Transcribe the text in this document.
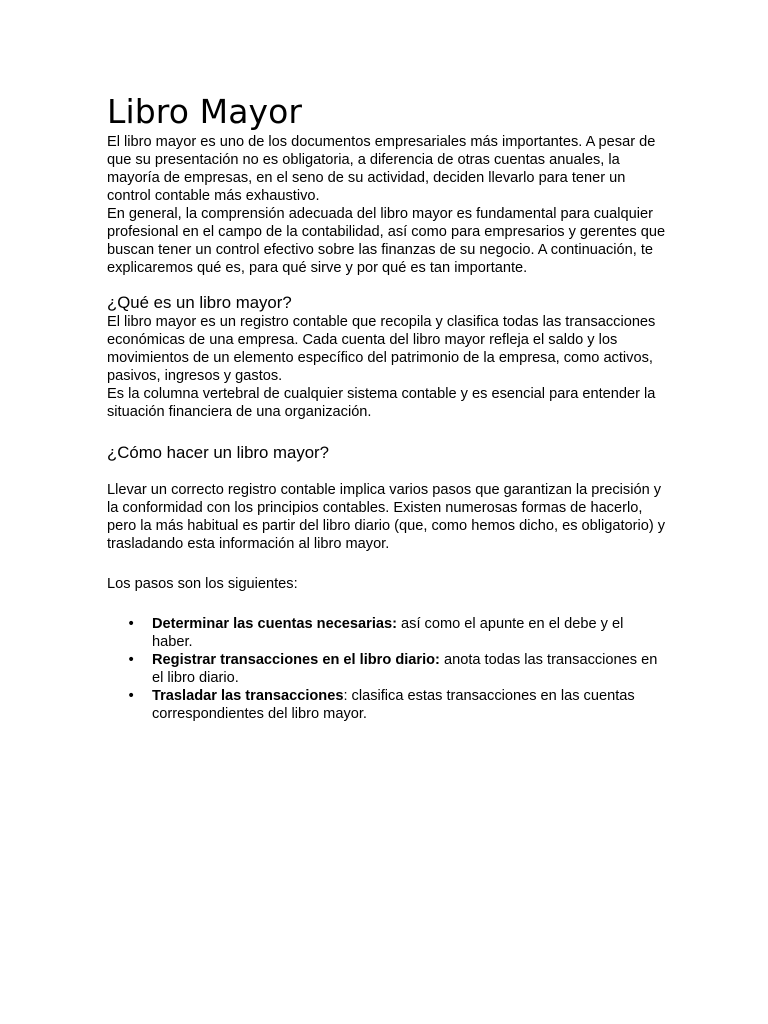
Libro Mayor

El libro mayor es uno de los documentos empresariales más importantes. A pesar de que su presentación no es obligatoria, a diferencia de otras cuentas anuales, la mayoría de empresas, en el seno de su actividad, deciden llevarlo para tener un control contable más exhaustivo.

En general, la comprensión adecuada del libro mayor es fundamental para cualquier profesional en el campo de la contabilidad, así como para empresarios y gerentes que buscan tener un control efectivo sobre las finanzas de su negocio. A continuación, te explicaremos qué es, para qué sirve y por qué es tan importante.

¿Qué es un libro mayor?

El libro mayor es un registro contable que recopila y clasifica todas las transacciones económicas de una empresa. Cada cuenta del libro mayor refleja el saldo y los movimientos de un elemento específico del patrimonio de la empresa, como activos, pasivos, ingresos y gastos.

Es la columna vertebral de cualquier sistema contable y es esencial para entender la situación financiera de una organización.

¿Cómo hacer un libro mayor?

Llevar un correcto registro contable implica varios pasos que garantizan la precisión y la conformidad con los principios contables. Existen numerosas formas de hacerlo, pero la más habitual es partir del libro diario (que, como hemos dicho, es obligatorio) y trasladando esta información al libro mayor.

Los pasos son los siguientes:

• Determinar las cuentas necesarias: así como el apunte en el debe y el haber.
• Registrar transacciones en el libro diario: anota todas las transacciones en el libro diario.
• Trasladar las transacciones: clasifica estas transacciones en las cuentas correspondientes del libro mayor.
